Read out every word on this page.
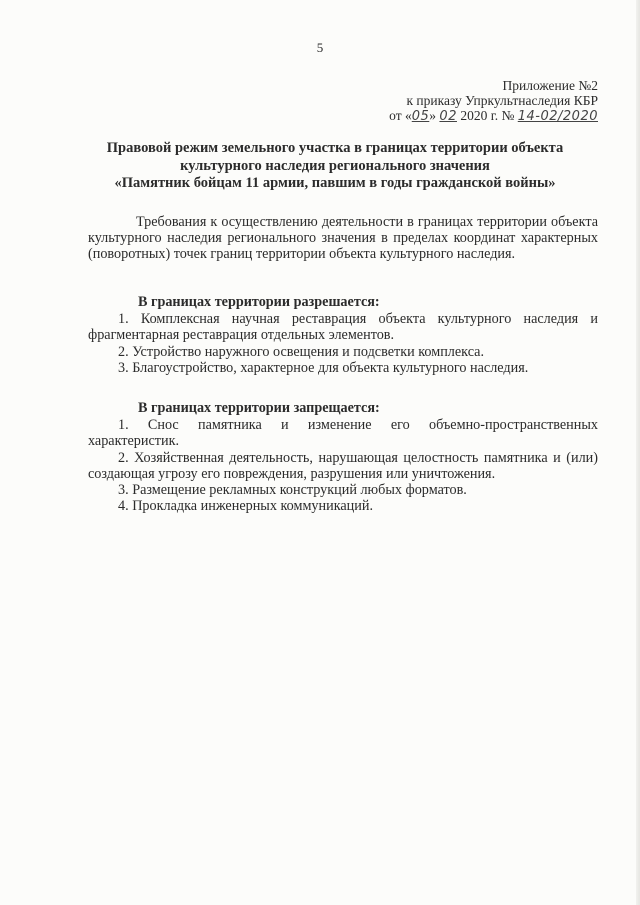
5
Приложение №2
к приказу Упркультнаследия КБР
от «05» 02 2020 г. № 14-02/2020
Правовой режим земельного участка в границах территории объекта
культурного наследия регионального значения
«Памятник бойцам 11 армии, павшим в годы гражданской войны»
Требования к осуществлению деятельности в границах территории объекта культурного наследия регионального значения в пределах координат характерных (поворотных) точек границ территории объекта культурного наследия.
В границах территории разрешается:
1. Комплексная научная реставрация объекта культурного наследия и фрагментарная реставрация отдельных элементов.
2. Устройство наружного освещения и подсветки комплекса.
3. Благоустройство, характерное для объекта культурного наследия.
В границах территории запрещается:
1. Снос памятника и изменение его объемно-пространственных характеристик.
2. Хозяйственная деятельность, нарушающая целостность памятника и (или) создающая угрозу его повреждения, разрушения или уничтожения.
3. Размещение рекламных конструкций любых форматов.
4. Прокладка инженерных коммуникаций.
